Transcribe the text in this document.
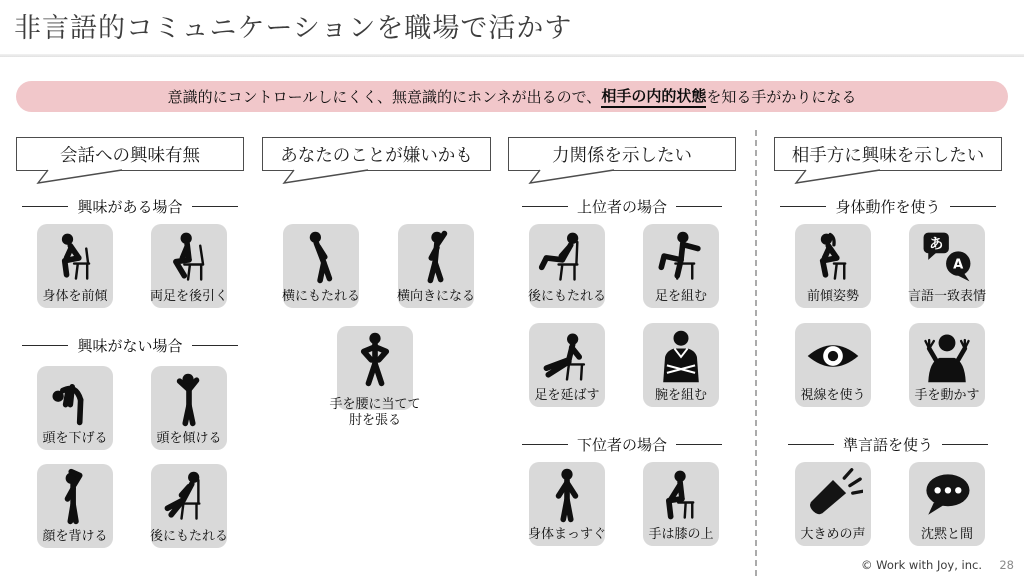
非言語的コミュニケーションを職場で活かす
意識的にコントロールしにくく、無意識的にホンネが出るので、 相手の内的状態 を知る手がかりになる
会話への興味有無
興味がある場合
身体を前傾	両足を後引く
興味がない場合
頭を下げる	頭を傾ける
顔を背ける	後にもたれる
あなたのことが嫌いかも
横にもたれる	横向きになる
手を腰に当てて
肘を張る
力関係を示したい
上位者の場合
後にもたれる	足を組む
足を延ばす	腕を組む
下位者の場合
身体まっすぐ	手は膝の上
相手方に興味を示したい
身体動作を使う
前傾姿勢
あ
A
言語一致表情
視線を使う	手を動かす
準言語を使う
大きめの声	沈黙と間
© Work with Joy, inc. 28
